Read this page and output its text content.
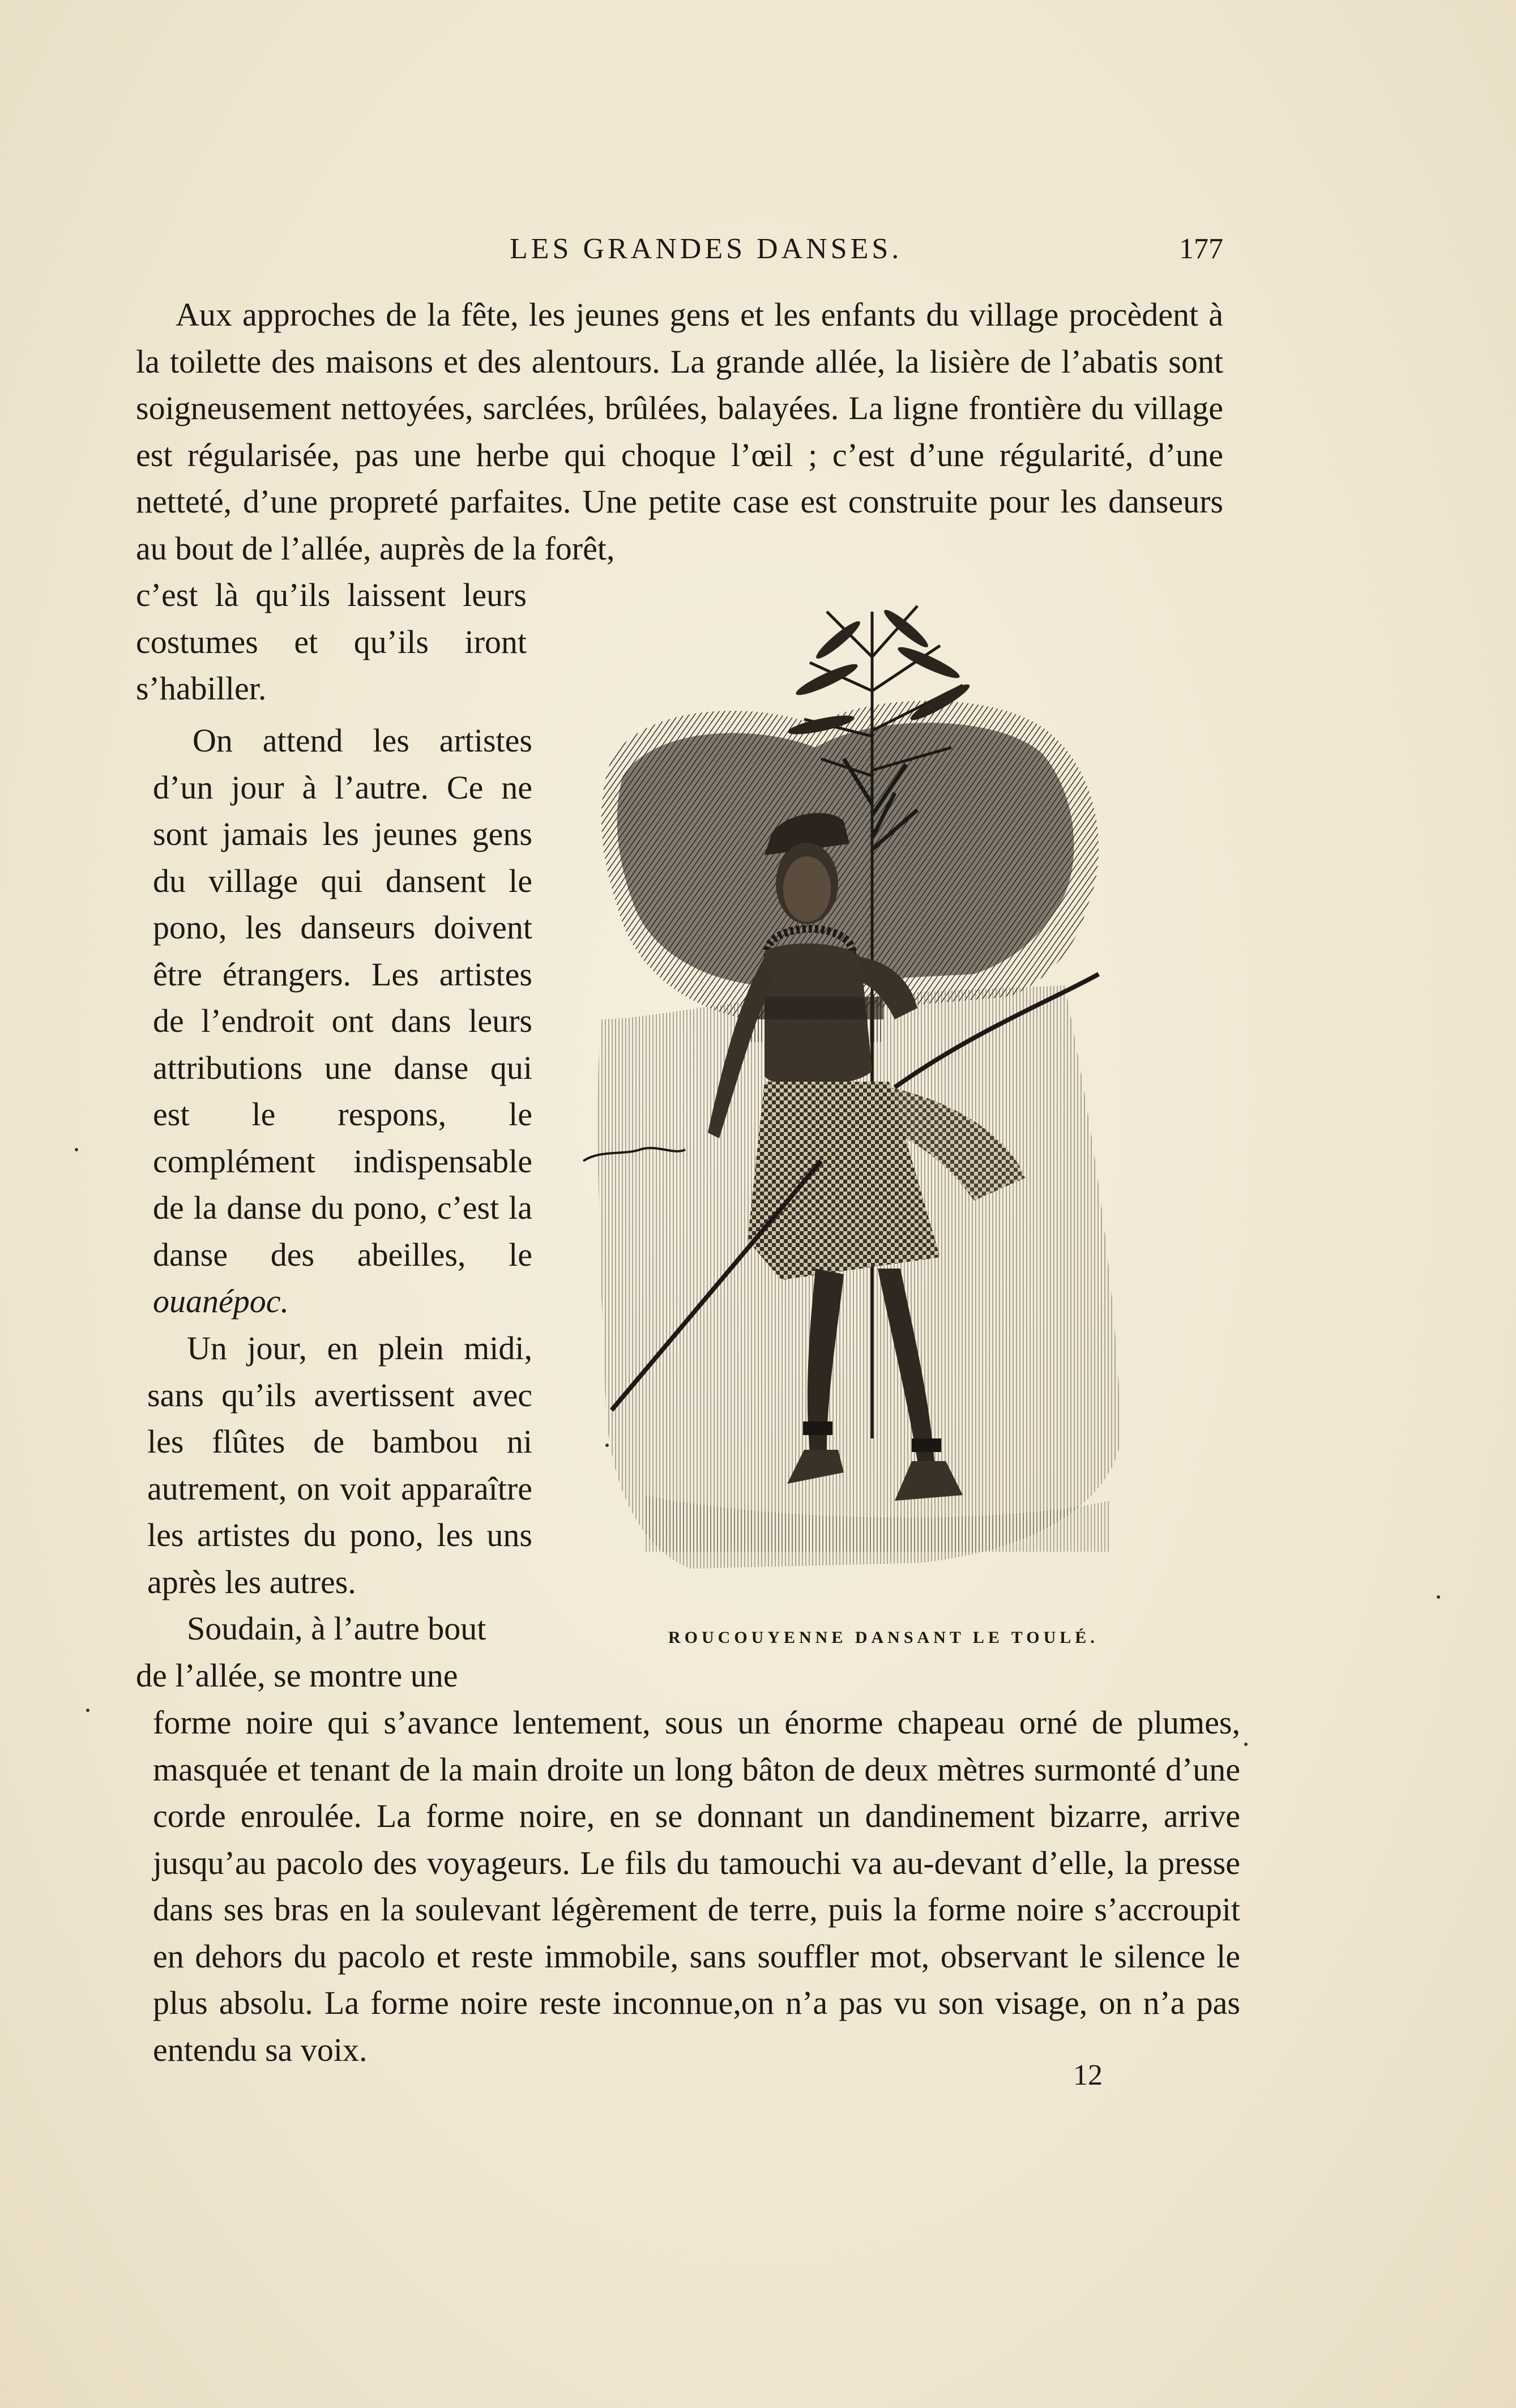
LES GRANDES DANSES.	177

Aux approches de la fête, les jeunes gens et les enfants du village procèdent à la toilette des maisons et des alentours. La grande allée, la lisière de l’abatis sont soigneusement nettoyées, sarclées, brûlées, balayées. La ligne frontière du village est régularisée, pas une herbe qui choque l’œil ; c’est d’une régularité, d’une netteté, d’une propreté parfaites. Une petite case est construite pour les danseurs au bout de l’allée, auprès de la forêt,

c’est là qu’ils laissent leurs costumes et qu’ils iront s’habiller.

On attend les artistes d’un jour à l’autre. Ce ne sont jamais les jeunes gens du village qui dansent le pono, les danseurs doivent être étrangers. Les artistes de l’endroit ont dans leurs attributions une danse qui est le respons, le complément indispensable de la danse du pono, c’est la danse des abeilles, le ouanépoc.

Un jour, en plein midi, sans qu’ils avertissent avec les flûtes de bambou ni autrement, on voit apparaître les artistes du pono, les uns après les autres.

Soudain, à l’autre bout
de l’allée, se montre une
forme noire qui s’avance lentement, sous un énorme chapeau orné de plumes, masquée et tenant de la main droite un long bâton de deux mètres surmonté d’une corde enroulée. La forme noire, en se donnant un dandinement bizarre, arrive jusqu’au pacolo des voyageurs. Le fils du tamouchi va au-devant d’elle, la presse dans ses bras en la soulevant légèrement de terre, puis la forme noire s’accroupit en dehors du pacolo et reste immobile, sans souffler mot, observant le silence le plus absolu. La forme noire reste inconnue,on n’a pas vu son visage, on n’a pas entendu sa voix.
ROUCOUYENNE DANSANT LE TOULÉ.
12
